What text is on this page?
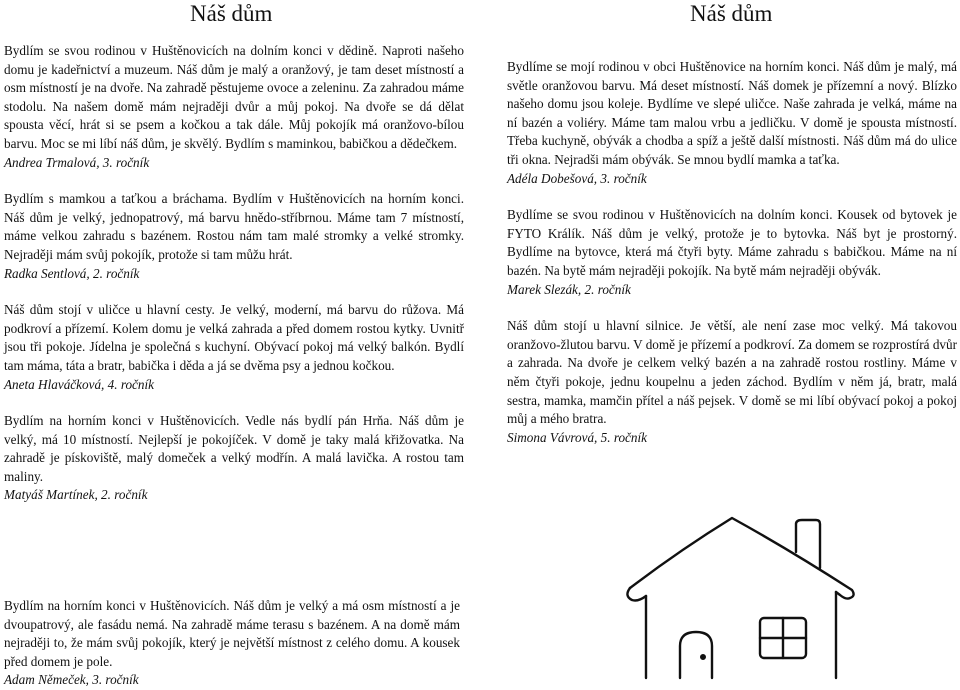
Náš dům	Náš dům
Bydlím se svou rodinou v Huštěnovicích na dolním konci v dědině. Naproti našeho domu je kadeřnictví a muzeum. Náš dům je malý a oranžový, je tam deset místností a osm místností je na dvoře. Na zahradě pěstujeme ovoce a zeleninu. Za zahradou máme stodolu. Na našem domě mám nejraději dvůr a můj pokoj. Na dvoře se dá dělat spousta věcí, hrát si se psem a kočkou a tak dále. Můj pokojík má oranžovo-bílou barvu. Moc se mi líbí náš dům, je skvělý. Bydlím s maminkou, babičkou a dědečkem.
Andrea Trmalová, 3. ročník
Bydlím s mamkou a taťkou a bráchama. Bydlím v Huštěnovicích na horním konci. Náš dům je velký, jednopatrový, má barvu hnědo-stříbrnou. Máme tam 7 místností, máme velkou zahradu s bazénem. Rostou nám tam malé stromky a velké stromky. Nejraději mám svůj pokojík, protože si tam můžu hrát.
Radka Sentlová, 2. ročník
Náš dům stojí v uličce u hlavní cesty. Je velký, moderní, má barvu do růžova. Má podkroví a přízemí. Kolem domu je velká zahrada a před domem rostou kytky. Uvnitř jsou tři pokoje. Jídelna je společná s kuchyní. Obývací pokoj má velký balkón. Bydlí tam máma, táta a bratr, babička i děda a já se dvěma psy a jednou kočkou.
Aneta Hlaváčková, 4. ročník
Bydlím na horním konci v Huštěnovicích. Vedle nás bydlí pán Hrňa. Náš dům je velký, má 10 místností. Nejlepší je pokojíček. V domě je taky malá křižovatka. Na zahradě je pískoviště, malý domeček a velký modřín. A malá lavička. A rostou tam maliny.
Matyáš Martínek, 2. ročník
Bydlím na horním konci v Huštěnovicích. Náš dům je velký a má osm místností a je dvoupatrový, ale fasádu nemá. Na zahradě máme terasu s bazénem. A na domě mám nejraději to, že mám svůj pokojík, který je největší místnost z celého domu. A kousek před domem je pole.
Adam Němeček, 3. ročník
Bydlíme se mojí rodinou v obci Huštěnovice na horním konci. Náš dům je malý, má světle oranžovou barvu. Má deset místností. Náš domek je přízemní a nový. Blízko našeho domu jsou koleje. Bydlíme ve slepé uličce. Naše zahrada je velká, máme na ní bazén a voliéry. Máme tam malou vrbu a jedličku. V domě je spousta místností. Třeba kuchyně, obývák a chodba a spíž a ještě další místnosti. Náš dům má do ulice tři okna. Nejradši mám obývák. Se mnou bydlí mamka a taťka.
Adéla Dobešová, 3. ročník
Bydlíme se svou rodinou v Huštěnovicích na dolním konci. Kousek od bytovek je FYTO Králík. Náš dům je velký, protože je to bytovka. Náš byt je prostorný. Bydlíme na bytovce, která má čtyři byty. Máme zahradu s babičkou. Máme na ní bazén. Na bytě mám nejraději pokojík. Na bytě mám nejraději obývák.
Marek Slezák, 2. ročník
Náš dům stojí u hlavní silnice. Je větší, ale není zase moc velký. Má takovou oranžovo-žlutou barvu. V domě je přízemí a podkroví. Za domem se rozprostírá dvůr a zahrada. Na dvoře je celkem velký bazén a na zahradě rostou rostliny. Máme v něm čtyři pokoje, jednu koupelnu a jeden záchod. Bydlím v něm já, bratr, malá sestra, mamka, mamčin přítel a náš pejsek. V domě se mi líbí obývací pokoj a pokoj můj a mého bratra.
Simona Vávrová, 5. ročník
